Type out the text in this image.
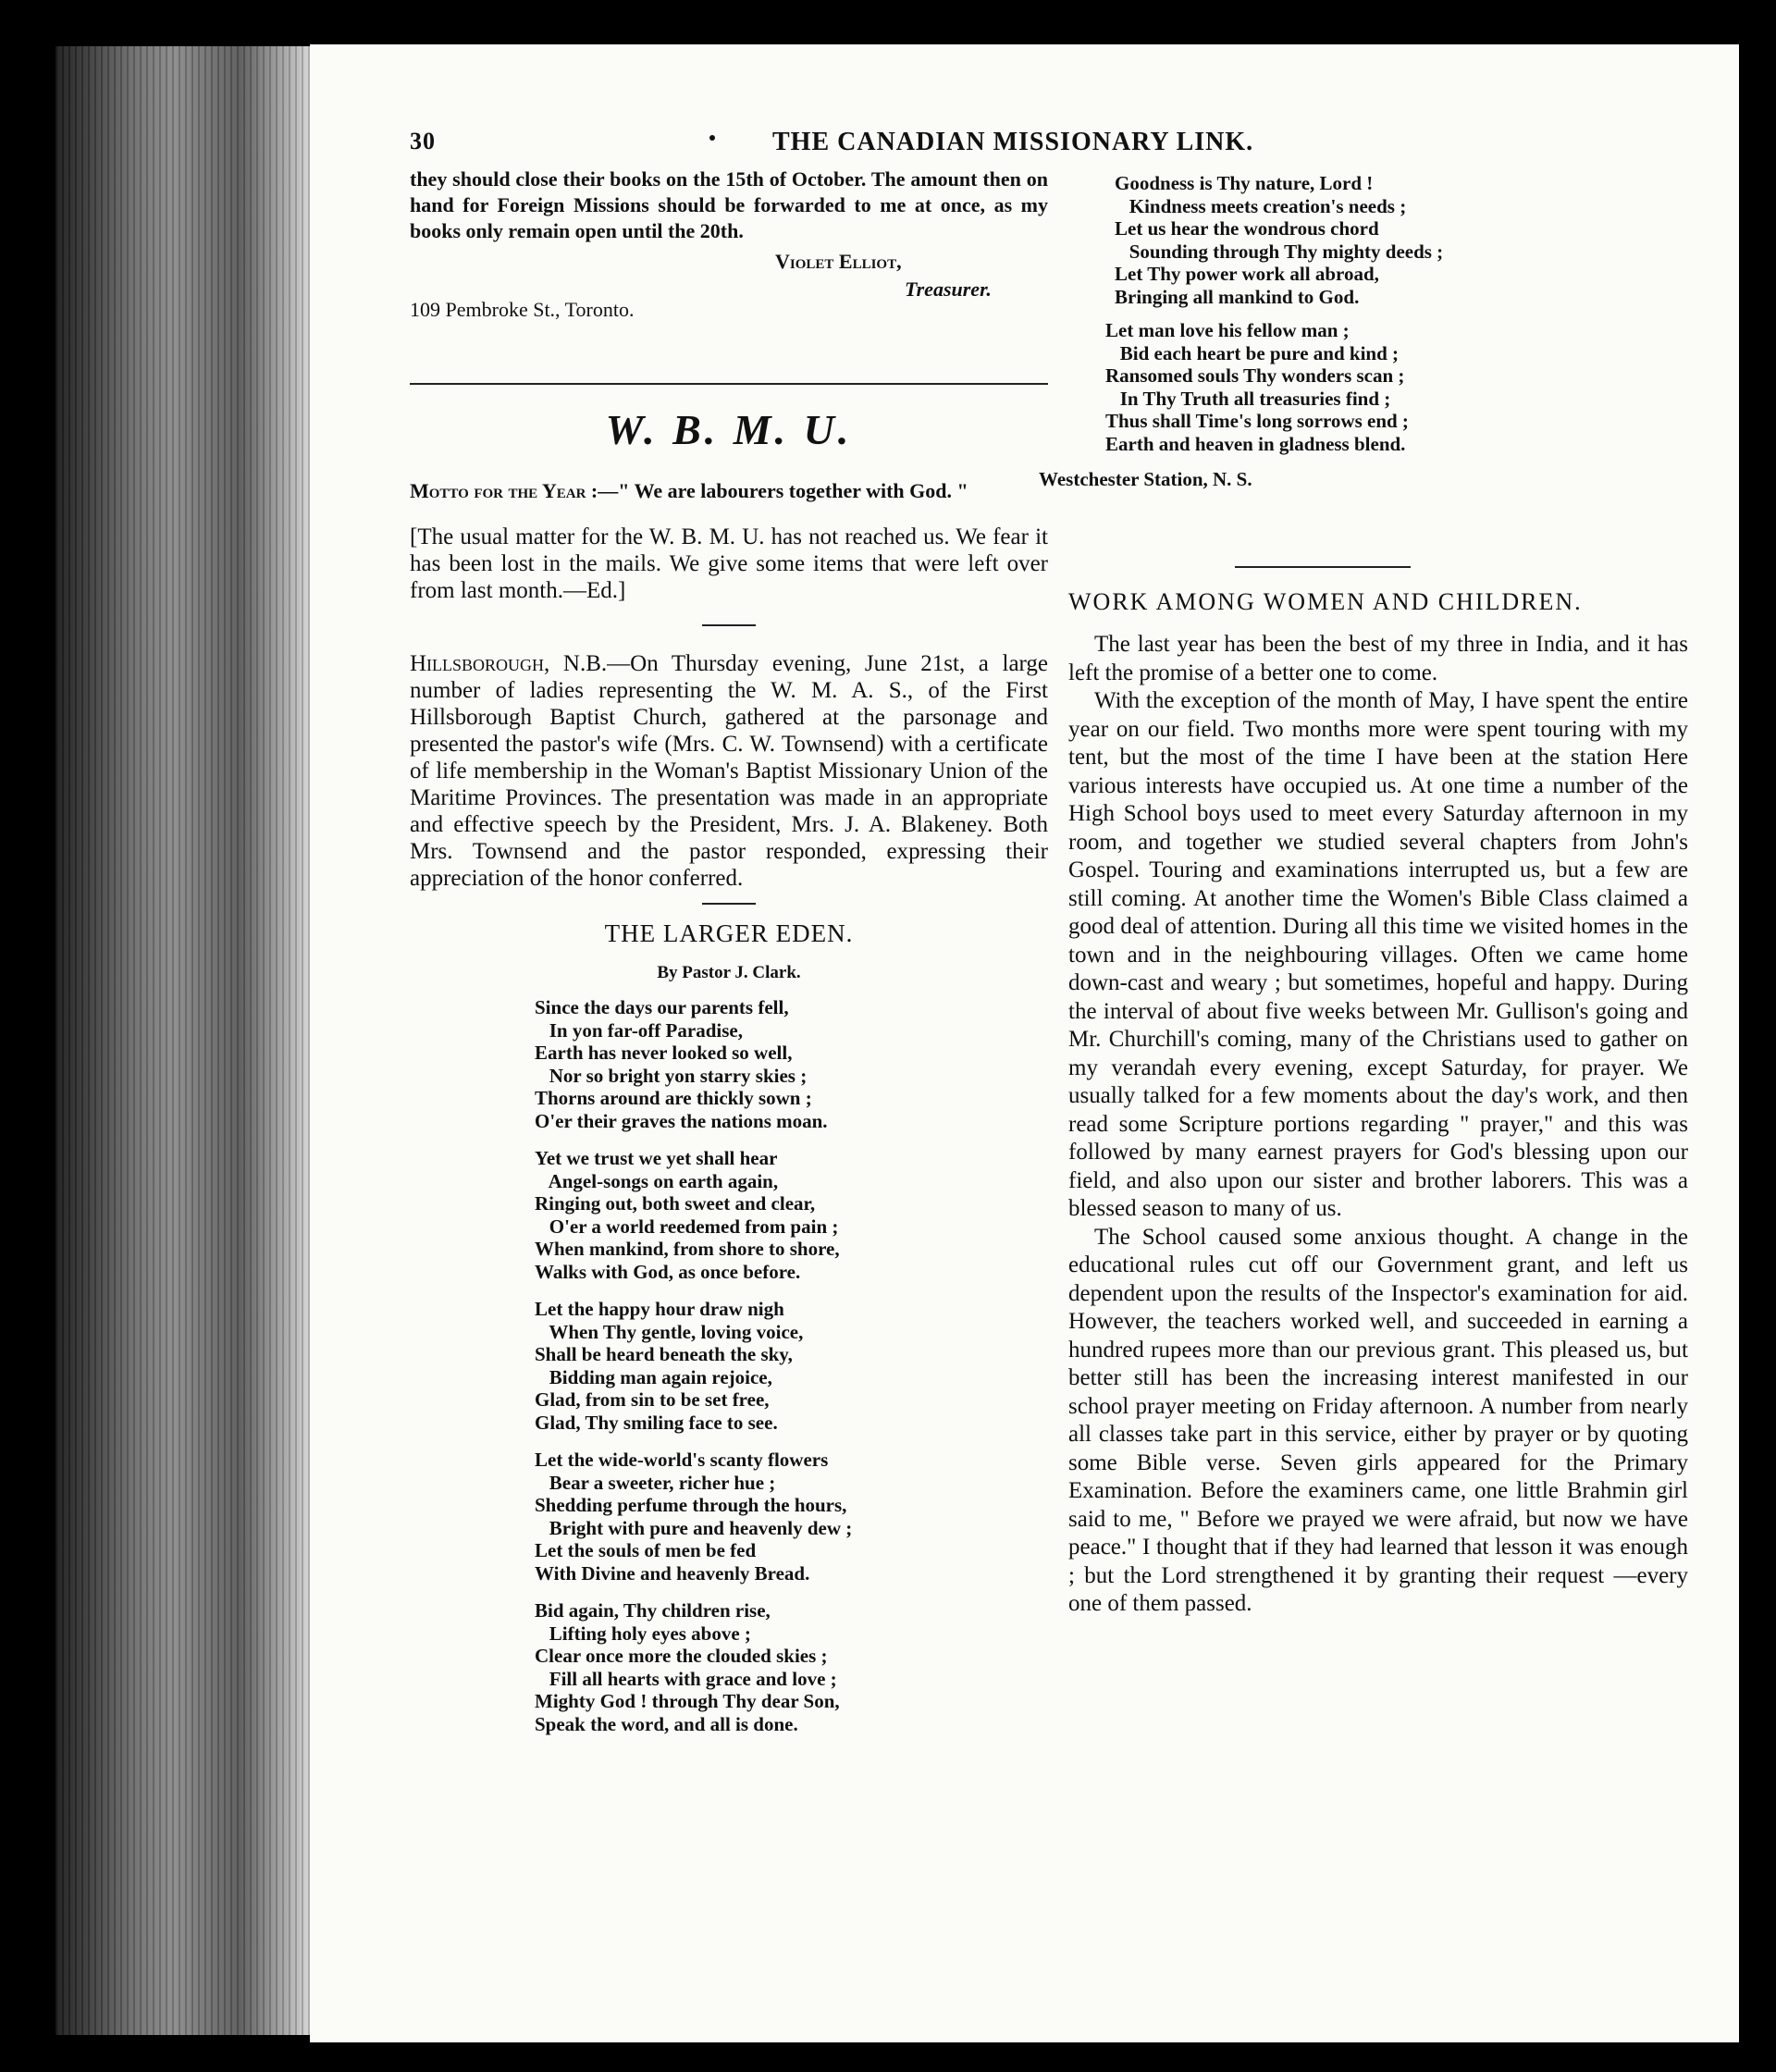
30	THE CANADIAN MISSIONARY LINK.

they should close their books on the 15th of October. The amount then on hand for Foreign Missions should be forwarded to me at once, as my books only remain open until the 20th.

Violet Elliot,
Treasurer.
109 Pembroke St., Toronto.
W. B. M. U.

Motto for the Year :—" We are labourers together with God. "

[The usual matter for the W. B. M. U. has not reached us. We fear it has been lost in the mails. We give some items that were left over from last month.—Ed.]

Hillsborough, N.B.—On Thursday evening, June 21st, a large number of ladies representing the W. M. A. S., of the First Hillsborough Baptist Church, gathered at the parsonage and presented the pastor's wife (Mrs. C. W. Townsend) with a certificate of life membership in the Woman's Baptist Missionary Union of the Maritime Provinces. The presentation was made in an appropriate and effective speech by the President, Mrs. J. A. Blakeney. Both Mrs. Townsend and the pastor responded, expressing their appreciation of the honor conferred.

THE LARGER EDEN.
By Pastor J. Clark.
Since the days our parents fell,
In yon far-off Paradise,
Earth has never looked so well,
Nor so bright yon starry skies ;
Thorns around are thickly sown ;
O'er their graves the nations moan.
Yet we trust we yet shall hear
Angel-songs on earth again,
Ringing out, both sweet and clear,
O'er a world reedemed from pain ;
When mankind, from shore to shore,
Walks with God, as once before.
Let the happy hour draw nigh
When Thy gentle, loving voice,
Shall be heard beneath the sky,
Bidding man again rejoice,
Glad, from sin to be set free,
Glad, Thy smiling face to see.
Let the wide-world's scanty flowers
Bear a sweeter, richer hue ;
Shedding perfume through the hours,
Bright with pure and heavenly dew ;
Let the souls of men be fed
With Divine and heavenly Bread.
Bid again, Thy children rise,
Lifting holy eyes above ;
Clear once more the clouded skies ;
Fill all hearts with grace and love ;
Mighty God ! through Thy dear Son,
Speak the word, and all is done.
Goodness is Thy nature, Lord !
Kindness meets creation's needs ;
Let us hear the wondrous chord
Sounding through Thy mighty deeds ;
Let Thy power work all abroad,
Bringing all mankind to God.
Let man love his fellow man ;
Bid each heart be pure and kind ;
Ransomed souls Thy wonders scan ;
In Thy Truth all treasuries find ;
Thus shall Time's long sorrows end ;
Earth and heaven in gladness blend.
Westchester Station, N. S.
WORK AMONG WOMEN AND CHILDREN.

The last year has been the best of my three in India, and it has left the promise of a better one to come.

With the exception of the month of May, I have spent the entire year on our field. Two months more were spent touring with my tent, but the most of the time I have been at the station Here various interests have occupied us. At one time a number of the High School boys used to meet every Saturday afternoon in my room, and together we studied several chapters from John's Gospel. Touring and examinations interrupted us, but a few are still coming. At another time the Women's Bible Class claimed a good deal of attention. During all this time we visited homes in the town and in the neighbouring villages. Often we came home down-cast and weary ; but sometimes, hopeful and happy. During the interval of about five weeks between Mr. Gullison's going and Mr. Churchill's coming, many of the Christians used to gather on my verandah every evening, except Saturday, for prayer. We usually talked for a few moments about the day's work, and then read some Scripture portions regarding " prayer," and this was followed by many earnest prayers for God's blessing upon our field, and also upon our sister and brother laborers. This was a blessed season to many of us.

The School caused some anxious thought. A change in the educational rules cut off our Government grant, and left us dependent upon the results of the Inspector's examination for aid. However, the teachers worked well, and succeeded in earning a hundred rupees more than our previous grant. This pleased us, but better still has been the increasing interest manifested in our school prayer meeting on Friday afternoon. A number from nearly all classes take part in this service, either by prayer or by quoting some Bible verse. Seven girls appeared for the Primary Examination. Before the examiners came, one little Brahmin girl said to me, " Before we prayed we were afraid, but now we have peace." I thought that if they had learned that lesson it was enough ; but the Lord strengthened it by granting their request —every one of them passed.
